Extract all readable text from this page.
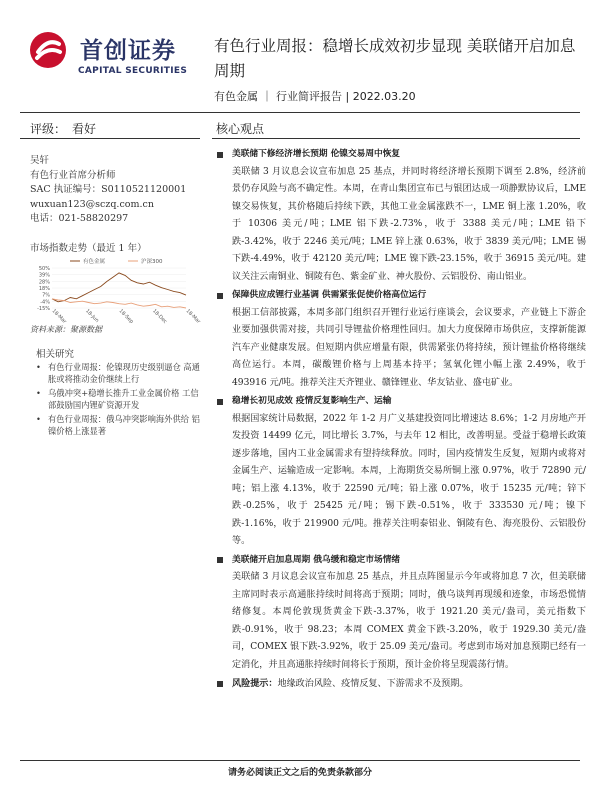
首创证券
CAPITAL SECURITIES
有色行业周报：稳增长成效初步显现 美联储开启加息周期
有色金属 ｜ 行业简评报告 | 2022.03.20
评级：　看好
吴轩
有色行业首席分析师
SAC 执证编号：S0110521120001
wuxuan123@sczq.com.cn
电话：021-58820297
市场指数走势（最近 1 年）
50%
39%
28%
18%
7%
-4%
-15% 18-Mar	18-Jun	18-Sep	18-Dec	18-Mar
有色金属	沪深300
资料来源：聚源数据
相关研究
• 有色行业周报：伦镍现历史级别逼仓 高通胀或将推动金价继续上行
• 乌俄冲突+稳增长推升工业金属价格 工信部鼓励国内锂矿资源开发
• 有色行业周报：俄乌冲突影响海外供给 铝镍价格上涨显著
核心观点
美联储下修经济增长预期 伦镍交易周中恢复
美联储 3 月议息会议宣布加息 25 基点，并同时将经济增长预期下调至 2.8%，经济前景仍存风险与高不确定性。本周，在青山集团宣布已与银团达成一项静默协议后，LME 镍交易恢复，其价格随后持续下跌，其他工业金属涨跌不一，LME 铜上涨 1.20%，收于 10306 美元/吨；LME 铝下跌-2.73%，收于 3388 美元/吨；LME 铅下跌-3.42%，收于 2246 美元/吨；LME 锌上涨 0.63%，收于 3839 美元/吨；LME 锡下跌-4.49%，收于 42120 美元/吨；LME 镍下跌-23.15%，收于 36915 美元/吨。建议关注云南铜业、铜陵有色、紫金矿业、神火股份、云铝股份、南山铝业。
保障供应成锂行业基调 供需紧张促使价格高位运行
根据工信部披露，本周多部门组织召开锂行业运行座谈会，会议要求，产业链上下游企业要加强供需对接，共同引导锂盐价格理性回归。加大力度保障市场供应，支撑新能源汽车产业健康发展。但短期内供应增量有限，供需紧张仍将持续，预计锂盐价格将继续高位运行。本周，碳酸锂价格与上周基本持平；氢氧化锂小幅上涨 2.49%，收于 493916 元/吨。推荐关注天齐锂业、赣锋锂业、华友钴业、盛屯矿业。
稳增长初见成效 疫情反复影响生产、运输
根据国家统计局数据，2022 年 1-2 月广义基建投资同比增速达 8.6%；1-2 月房地产开发投资 14499 亿元，同比增长 3.7%，与去年 12 相比，改善明显。受益于稳增长政策逐步落地，国内工业金属需求有望持续释放。同时，国内疫情发生反复，短期内或将对金属生产、运输造成一定影响。本周，上海期货交易所铜上涨 0.97%，收于 72890 元/吨；铝上涨 4.13%，收于 22590 元/吨；铅上涨 0.07%，收于 15235 元/吨；锌下跌-0.25%，收于 25425 元/吨；锡下跌-0.51%，收于 333530 元/吨；镍下跌-1.16%，收于 219900 元/吨。推荐关注明泰铝业、铜陵有色、海亮股份、云铝股份等。
美联储开启加息周期 俄乌缓和稳定市场情绪
美联储 3 月议息会议宣布加息 25 基点，并且点阵图显示今年或将加息 7 次，但美联储主席同时表示高通胀持续时间将高于预期；同时，俄乌谈判再现缓和迹象，市场恐慌情绪修复。本周伦敦现货黄金下跌-3.37%，收于 1921.20 美元/盎司，美元指数下跌-0.91%，收于 98.23；本周 COMEX 黄金下跌-3.20%，收于 1929.30 美元/盎司，COMEX 银下跌-3.92%，收于 25.09 美元/盎司。考虑到市场对加息预期已经有一定消化，并且高通胀持续时间将长于预期，预计金价将呈现震荡行情。
风险提示：地缘政治风险、疫情反复、下游需求不及预期。
请务必阅读正文之后的免责条款部分
